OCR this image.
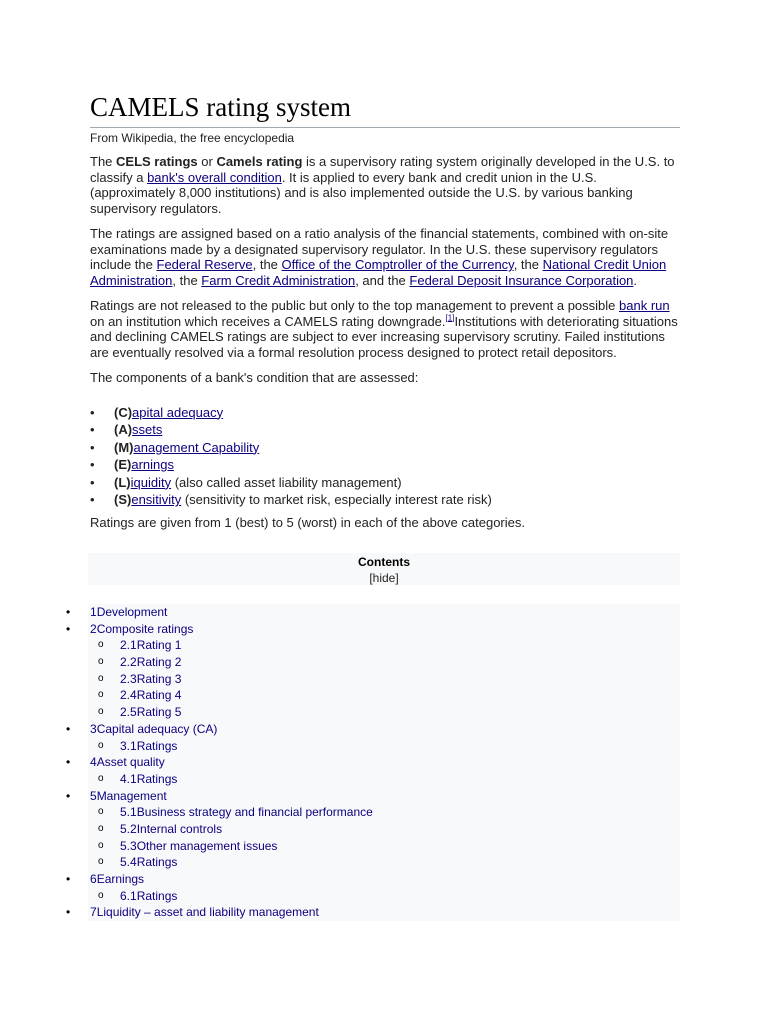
CAMELS rating system
From Wikipedia, the free encyclopedia

The CELS ratings or Camels rating is a supervisory rating system originally developed in the U.S. to classify a bank's overall condition. It is applied to every bank and credit union in the U.S. (approximately 8,000 institutions) and is also implemented outside the U.S. by various banking supervisory regulators.

The ratings are assigned based on a ratio analysis of the financial statements, combined with on-site examinations made by a designated supervisory regulator. In the U.S. these supervisory regulators include the Federal Reserve, the Office of the Comptroller of the Currency, the National Credit Union Administration, the Farm Credit Administration, and the Federal Deposit Insurance Corporation.

Ratings are not released to the public but only to the top management to prevent a possible bank run on an institution which receives a CAMELS rating downgrade.[1]Institutions with deteriorating situations and declining CAMELS ratings are subject to ever increasing supervisory scrutiny. Failed institutions are eventually resolved via a formal resolution process designed to protect retail depositors.

The components of a bank's condition that are assessed:

• (C)apital adequacy
• (A)ssets
• (M)anagement Capability
• (E)arnings
• (L)iquidity (also called asset liability management)
• (S)ensitivity (sensitivity to market risk, especially interest rate risk)

Ratings are given from 1 (best) to 5 (worst) in each of the above categories.

Contents
[hide]
• 1Development
• 2Composite ratings
o 2.1Rating 1
o 2.2Rating 2
o 2.3Rating 3
o 2.4Rating 4
o 2.5Rating 5
• 3Capital adequacy (CA)
o 3.1Ratings
• 4Asset quality
o 4.1Ratings
• 5Management
o 5.1Business strategy and financial performance
o 5.2Internal controls
o 5.3Other management issues
o 5.4Ratings
• 6Earnings
o 6.1Ratings
• 7Liquidity – asset and liability management
